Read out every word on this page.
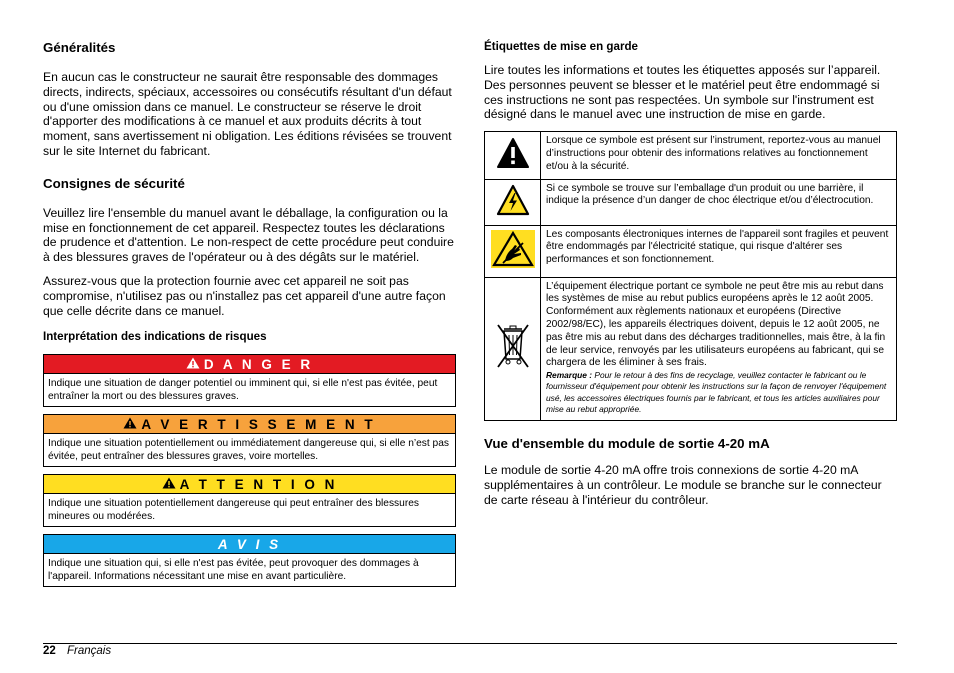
Généralités

En aucun cas le constructeur ne saurait être responsable des dommages directs, indirects, spéciaux, accessoires ou consécutifs résultant d'un défaut ou d'une omission dans ce manuel. Le constructeur se réserve le droit d'apporter des modifications à ce manuel et aux produits décrits à tout moment, sans avertissement ni obligation. Les éditions révisées se trouvent sur le site Internet du fabricant.

Consignes de sécurité

Veuillez lire l'ensemble du manuel avant le déballage, la configuration ou la mise en fonctionnement de cet appareil. Respectez toutes les déclarations de prudence et d'attention. Le non-respect de cette procédure peut conduire à des blessures graves de l'opérateur ou à des dégâts sur le matériel.

Assurez-vous que la protection fournie avec cet appareil ne soit pas compromise, n'utilisez pas ou n'installez pas cet appareil d'une autre façon que celle décrite dans ce manuel.

Interprétation des indications de risques
D A N G E R
Indique une situation de danger potentiel ou imminent qui, si elle n'est pas évitée, peut entraîner la mort ou des blessures graves.
A V E R T I S S E M E N T
Indique une situation potentiellement ou immédiatement dangereuse qui, si elle n’est pas évitée, peut entraîner des blessures graves, voire mortelles.
A T T E N T I O N
Indique une situation potentiellement dangereuse qui peut entraîner des blessures mineures ou modérées.
A V I S
Indique une situation qui, si elle n'est pas évitée, peut provoquer des dommages à l'appareil. Informations nécessitant une mise en avant particulière.
Étiquettes de mise en garde

Lire toutes les informations et toutes les étiquettes apposés sur l’appareil. Des personnes peuvent se blesser et le matériel peut être endommagé si ces instructions ne sont pas respectées. Un symbole sur l'instrument est désigné dans le manuel avec une instruction de mise en garde.

	Lorsque ce symbole est présent sur l’instrument, reportez-vous au manuel d’instructions pour obtenir des informations relatives au fonctionnement et/ou à la sécurité.
	Si ce symbole se trouve sur l’emballage d'un produit ou une barrière, il indique la présence d’un danger de choc électrique et/ou d’électrocution.
	Les composants électroniques internes de l'appareil sont fragiles et peuvent être endommagés par l'électricité statique, qui risque d'altérer ses performances et son fonctionnement.

L’équipement électrique portant ce symbole ne peut être mis au rebut dans les systèmes de mise au rebut publics européens après le 12 août 2005. Conformément aux règlements nationaux et européens (Directive 2002/98/EC), les appareils électriques doivent, depuis le 12 août 2005, ne pas être mis au rebut dans des décharges traditionnelles, mais être, à la fin de leur service, renvoyés par les utilisateurs européens au fabricant, qui se chargera de les éliminer à ses frais.
Remarque : Pour le retour à des fins de recyclage, veuillez contacter le fabricant ou le fournisseur d'équipement pour obtenir les instructions sur la façon de renvoyer l'équipement usé, les accessoires électriques fournis par le fabricant, et tous les articles auxiliaires pour mise au rebut appropriée.
Vue d'ensemble du module de sortie 4-20 mA

Le module de sortie 4-20 mA offre trois connexions de sortie 4-20 mA supplémentaires à un contrôleur. Le module se branche sur le connecteur de carte réseau à l'intérieur du contrôleur.

22 Français
